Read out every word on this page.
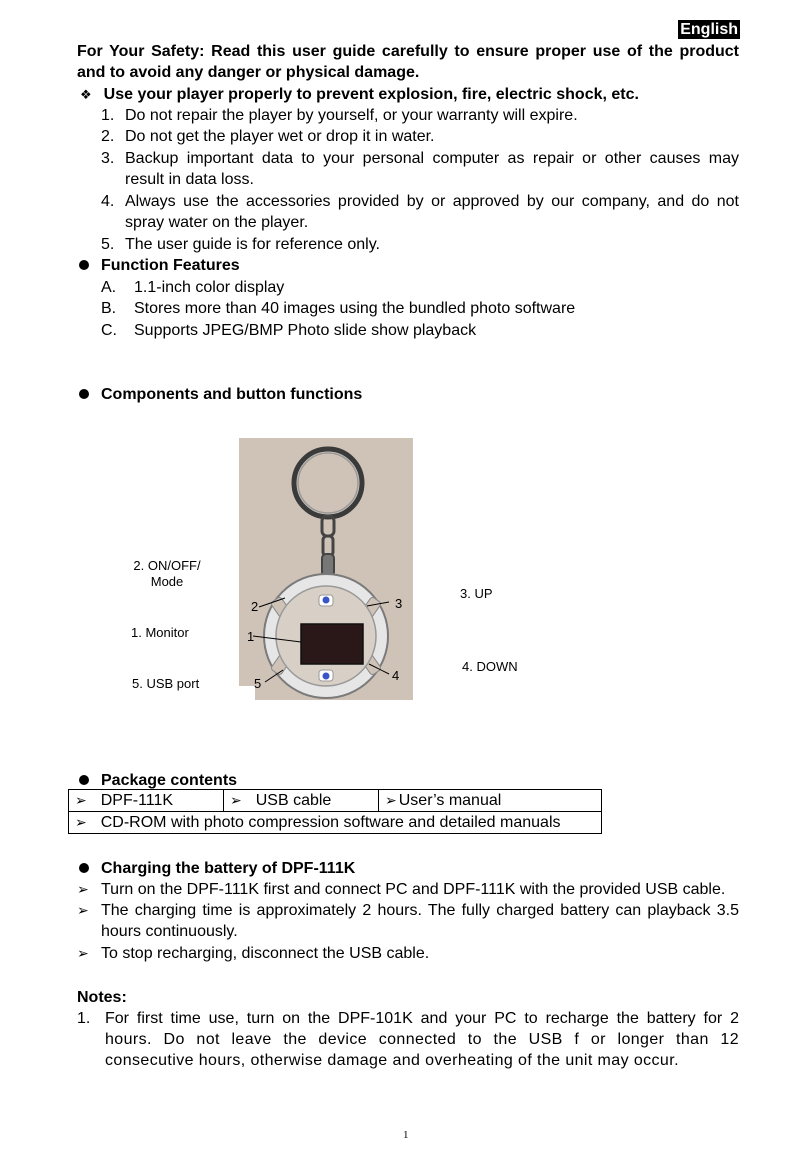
English
For Your Safety: Read this user guide carefully to ensure proper use of the product
and to avoid any danger or physical damage.
❖ Use your player properly to prevent explosion, fire, electric shock, etc.
1. Do not repair the player by yourself, or your warranty will expire.
2. Do not get the player wet or drop it in water.
3. Backup important data to your personal computer as repair or other causes may
result in data loss.
4. Always use the accessories provided by or approved by our company, and do not
spray water on the player.
5. The user guide is for reference only.
Function Features
A. 1.1-inch color display
B. Stores more than 40 images using the bundled photo software
C. Supports JPEG/BMP Photo slide show playback
Components and button functions
2
1
3
4
5
2. ON/OFF/
Mode
1. Monitor
5. USB port
3. UP
4. DOWN
Package contents
➢ DPF-111K	➢ USB cable	➢ User’s manual
➢ CD-ROM with photo compression software and detailed manuals
Charging the battery of DPF-111K
➢ Turn on the DPF-111K first and connect PC and DPF-111K with the provided USB cable.
➢ The charging time is approximately 2 hours. The fully charged battery can playback 3.5
hours continuously.
➢ To stop recharging, disconnect the USB cable.
Notes:
1. For first time use, turn on the DPF-101K and your PC to recharge the battery for 2
hours. Do not leave the device connected to the USB f or longer than 12
consecutive hours, otherwise damage and overheating of the unit may occur.
1
